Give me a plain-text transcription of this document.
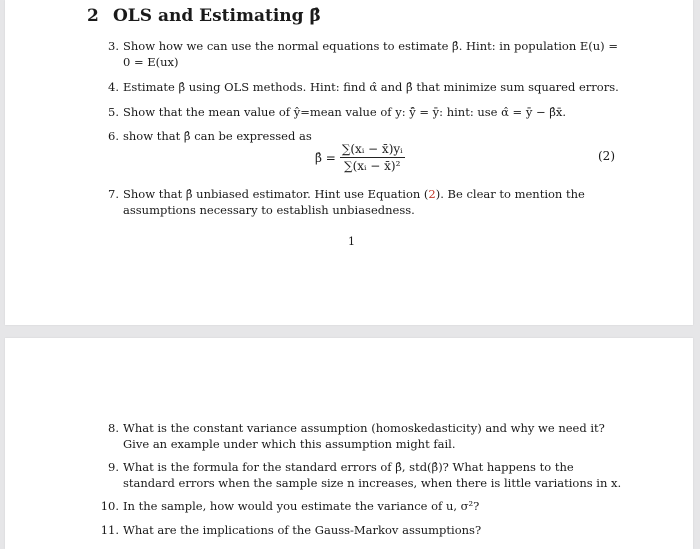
2 OLS and Estimating β̂
3. Show how we can use the normal equations to estimate β̂. Hint: in population E(u) = 0 = E(ux)
4. Estimate β̂ using OLS methods. Hint: find α̂ and β̂ that minimize sum squared errors.
5. Show that the mean value of ŷ=mean value of y: ȳ̂ = ȳ: hint: use α̂ = ȳ − β̂x̄.
6. show that β̂ can be expressed as
β̂ = $\frac{\text{∑(xᵢ − x̄)yᵢ}}{\text{∑(xᵢ − x̄)²}}$	(2)
7. Show that β̂ unbiased estimator. Hint use Equation (2). Be clear to mention the assumptions necessary to establish unbiasedness.
1
8. What is the constant variance assumption (homoskedasticity) and why we need it? Give an example under which this assumption might fail.
9. What is the formula for the standard errors of β̂, std(β̂)? What happens to the standard errors when the sample size n increases, when there is little variations in x.
10. In the sample, how would you estimate the variance of u, σ²?
11. What are the implications of the Gauss-Markov assumptions?
